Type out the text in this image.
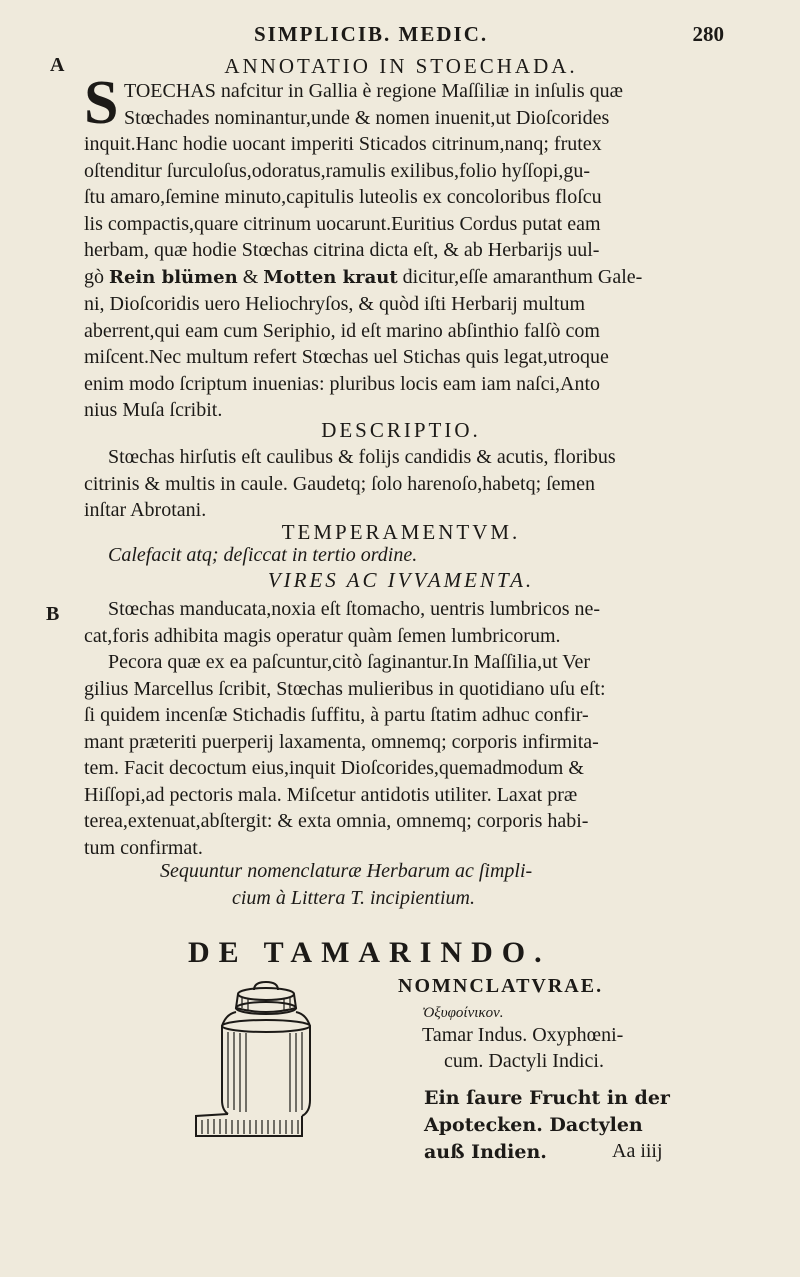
SIMPLICIB. MEDIC.	280
A
B
ANNOTATIO IN STOECHADA.
S TOECHAS nafcitur in Gallia è regione Maſſiliæ in inſulis quæ
Stœchades nominantur,unde & nomen inuenit,ut Dioſcorides
inquit.Hanc hodie uocant imperiti Sticados citrinum,nanq; frutex
oſtenditur ſurculoſus,odoratus,ramulis exilibus,folio hyſſopi,gu-
ſtu amaro,ſemine minuto,capitulis luteolis ex concoloribus floſcu
lis compactis,quare citrinum uocarunt.Euritius Cordus putat eam
herbam, quæ hodie Stœchas citrina dicta eſt, & ab Herbarijs uul-
gò Rein blümen & Motten kraut dicitur,eſſe amaranthum Gale-
ni, Dioſcoridis uero Heliochryſos, & quòd iſti Herbarij multum
aberrent,qui eam cum Seriphio, id eſt marino abſinthio falſò com
miſcent.Nec multum refert Stœchas uel Stichas quis legat,utroque
enim modo ſcriptum inuenias: pluribus locis eam iam naſci,Anto
nius Muſa ſcribit.
DESCRIPTIO.
Stœchas hirſutis eſt caulibus & folijs candidis & acutis, floribus
citrinis & multis in caule. Gaudetq; ſolo harenoſo,habetq; ſemen
inſtar Abrotani.
TEMPERAMENTVM.
Calefacit atq; deſiccat in tertio ordine.
VIRES AC IVVAMENTA.
Stœchas manducata,noxia eſt ſtomacho, uentris lumbricos ne-
cat,foris adhibita magis operatur quàm ſemen lumbricorum.
Pecora quæ ex ea paſcuntur,citò ſaginantur.In Maſſilia,ut Ver
gilius Marcellus ſcribit, Stœchas mulieribus in quotidiano uſu eſt:
ſi quidem incenſæ Stichadis ſuffitu, à partu ſtatim adhuc confir-
mant præteriti puerperij laxamenta, omnemq; corporis infirmita-
tem. Facit decoctum eius,inquit Dioſcorides,quemadmodum &
Hiſſopi,ad pectoris mala. Miſcetur antidotis utiliter. Laxat præ
terea,extenuat,abſtergit: & exta omnia, omnemq; corporis habi-
tum confirmat.
Sequuntur nomenclaturæ Herbarum ac ſimpli-
cium à Littera T. incipientium.
DE TAMARINDO.
NOMNCLATVRAE.
Ὀξυφοίνικον.
Tamar Indus. Oxyphœni-
cum. Dactyli Indici.
Ein ſaure Frucht in der
Apotecken. Dactylen
auß Indien.	Aa iiij
